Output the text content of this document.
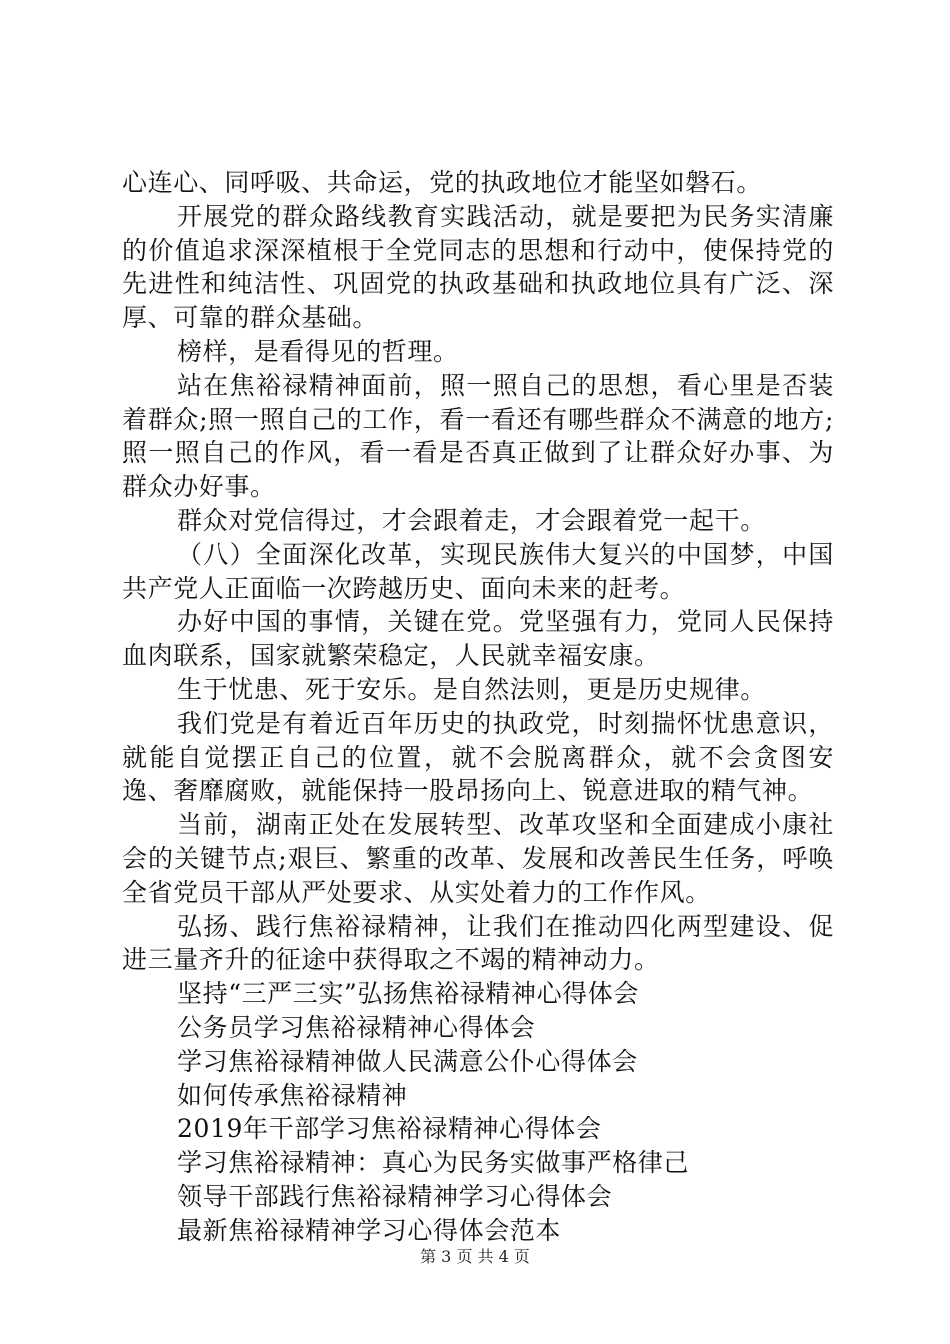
心连心、同呼吸、共命运，党的执政地位才能坚如磐石。

开展党的群众路线教育实践活动，就是要把为民务实清廉的价值追求深深植根于全党同志的思想和行动中，使保持党的先进性和纯洁性、巩固党的执政基础和执政地位具有广泛、深厚、可靠的群众基础。

榜样，是看得见的哲理。

站在焦裕禄精神面前，照一照自己的思想，看心里是否装着群众;照一照自己的工作，看一看还有哪些群众不满意的地方;照一照自己的作风，看一看是否真正做到了让群众好办事、为群众办好事。

群众对党信得过，才会跟着走，才会跟着党一起干。

（八）全面深化改革，实现民族伟大复兴的中国梦，中国共产党人正面临一次跨越历史、面向未来的赶考。

办好中国的事情，关键在党。党坚强有力，党同人民保持血肉联系，国家就繁荣稳定，人民就幸福安康。

生于忧患、死于安乐。是自然法则，更是历史规律。

我们党是有着近百年历史的执政党，时刻揣怀忧患意识，就能自觉摆正自己的位置，就不会脱离群众，就不会贪图安逸、奢靡腐败，就能保持一股昂扬向上、锐意进取的精气神。

当前，湖南正处在发展转型、改革攻坚和全面建成小康社会的关键节点;艰巨、繁重的改革、发展和改善民生任务，呼唤全省党员干部从严处要求、从实处着力的工作作风。

弘扬、践行焦裕禄精神，让我们在推动四化两型建设、促进三量齐升的征途中获得取之不竭的精神动力。

坚持“三严三实”弘扬焦裕禄精神心得体会

公务员学习焦裕禄精神心得体会

学习焦裕禄精神做人民满意公仆心得体会

如何传承焦裕禄精神

2019年干部学习焦裕禄精神心得体会

学习焦裕禄精神：真心为民务实做事严格律己

领导干部践行焦裕禄精神学习心得体会

最新焦裕禄精神学习心得体会范本

第 3 页 共 4 页
